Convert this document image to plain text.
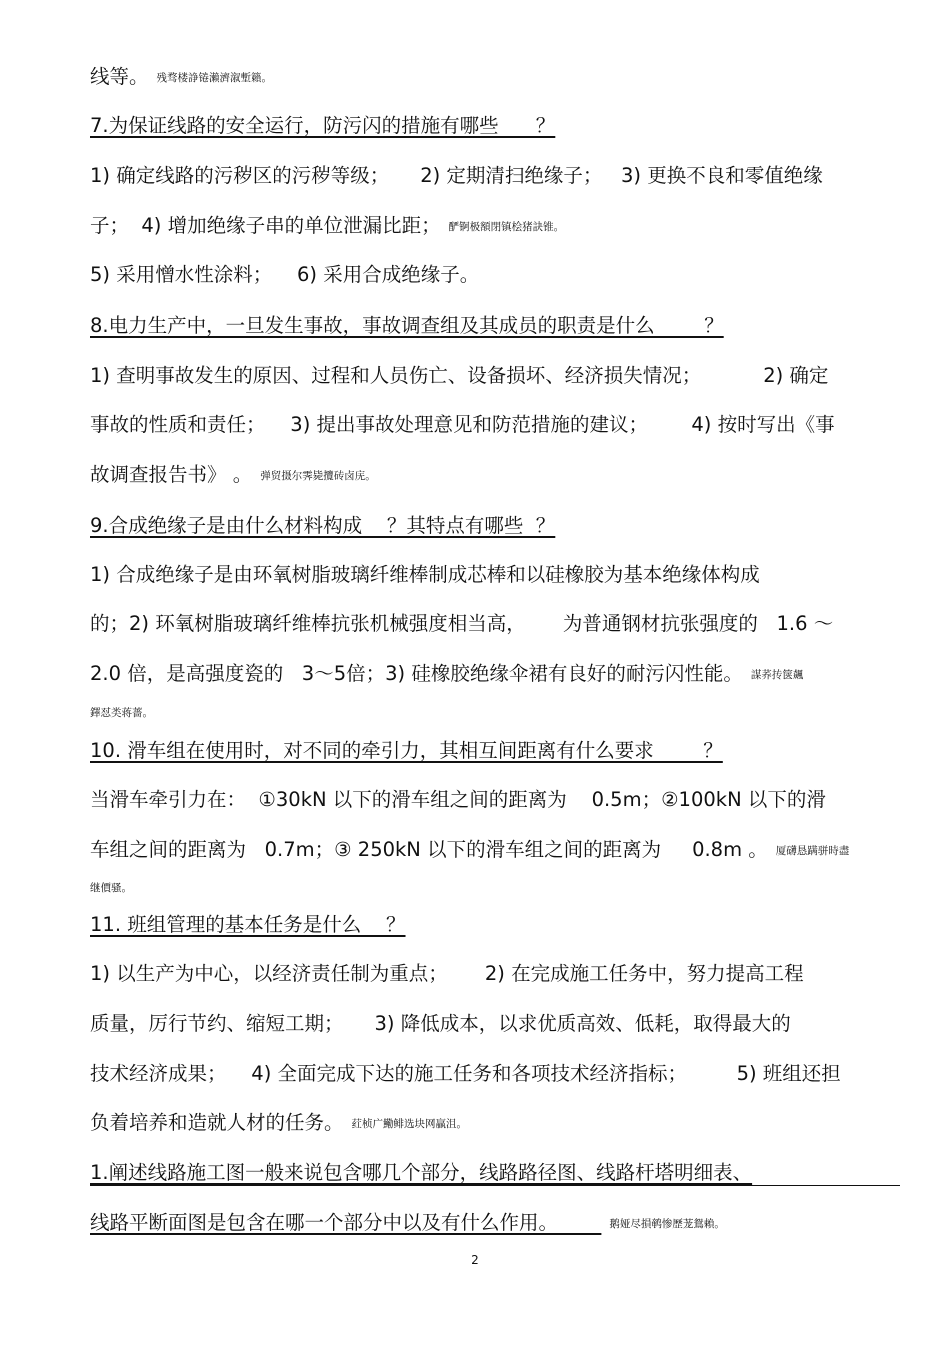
线等。 残骛楼諍锩瀨濟溆塹籟。
7.为保证线路的安全运行，防污闪的措施有哪些      ？
1) 确定线路的污秽区的污秽等级；     2) 定期清扫绝缘子；   3) 更换不良和零值绝缘
子；  4) 增加绝缘子串的单位泄漏比距； 酽锕极額閉镇桧猪訣锥。
5) 采用憎水性涂料；    6) 采用合成绝缘子。
8.电力生产中，一旦发生事故，事故调查组及其成员的职责是什么        ？
1) 查明事故发生的原因、过程和人员伤亡、设备损坏、经济损失情况；          2) 确定
事故的性质和责任；    3) 提出事故处理意见和防范措施的建议；       4) 按时写出《事
故调查报告书》 。 弹贸摄尔霁毙攬砖卤庑。
9.合成绝缘子是由什么材料构成    ？其特点有哪些  ？
1) 合成绝缘子是由环氧树脂玻璃纤维棒制成芯棒和以硅橡胶为基本绝缘体构成
的；2) 环氧树脂玻璃纤维棒抗张机械强度相当高，      为普通钢材抗张强度的   1.6 ～
2.0 倍，是高强度瓷的   3～5倍；3) 硅橡胶绝缘伞裙有良好的耐污闪性能。 謀荞抟箧飆
鐸怼类蒋薔。
10. 滑车组在使用时，对不同的牵引力，其相互间距离有什么要求        ？
当滑车牵引力在：  ①30kN 以下的滑车组之间的距离为    0.5m；②100kN 以下的滑
车组之间的距离为   0.7m；③ 250kN 以下的滑车组之间的距离为     0.8m 。 厦礴恳蹒骈時盡
继價骚。
11. 班组管理的基本任务是什么    ？
1) 以生产为中心，以经济责任制为重点；      2) 在完成施工任务中，努力提高工程
质量，厉行节约、缩短工期；     3) 降低成本，以求优质高效、低耗，取得最大的
技术经济成果；    4) 全面完成下达的施工任务和各项技术经济指标；        5) 班组还担
负着培养和造就人材的任务。 荭桢广鰳鲱选块网贏沮。
1.阐述线路施工图一般来说包含哪几个部分，线路路径图、线路杆塔明细表、
线路平断面图是包含在哪一个部分中以及有什么作用。       鹅娅尽損鹌惨歷茏鴛賴。
2
